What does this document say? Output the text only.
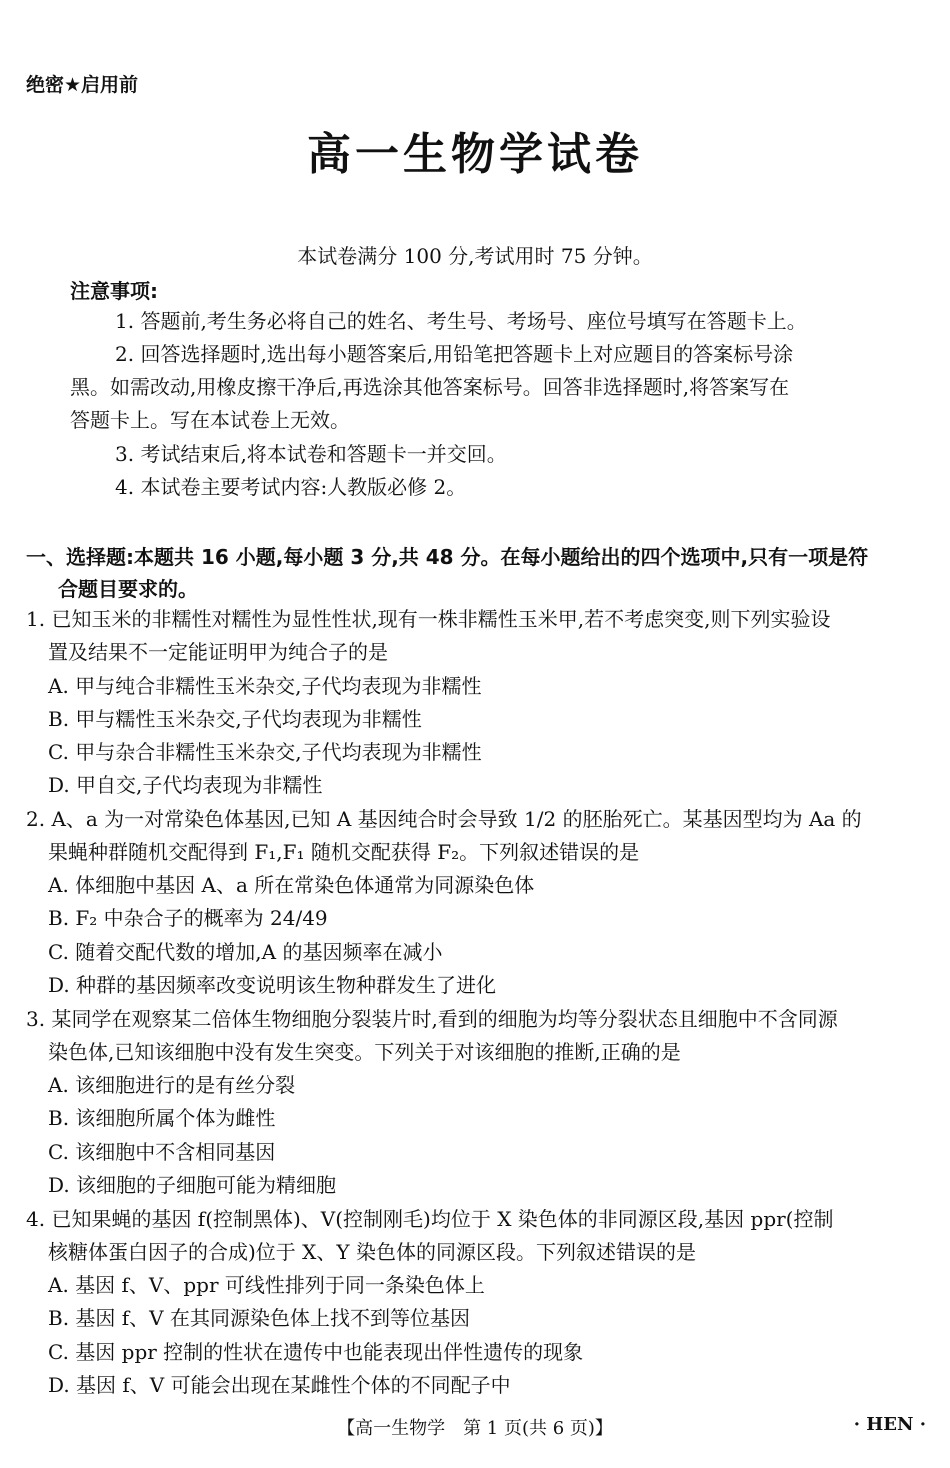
绝密★启用前
高一生物学试卷
本试卷满分 100 分,考试用时 75 分钟。
注意事项:
1. 答题前,考生务必将自己的姓名、考生号、考场号、座位号填写在答题卡上。
2. 回答选择题时,选出每小题答案后,用铅笔把答题卡上对应题目的答案标号涂
黑。如需改动,用橡皮擦干净后,再选涂其他答案标号。回答非选择题时,将答案写在
答题卡上。写在本试卷上无效。
3. 考试结束后,将本试卷和答题卡一并交回。
4. 本试卷主要考试内容:人教版必修 2。
一、选择题:本题共 16 小题,每小题 3 分,共 48 分。在每小题给出的四个选项中,只有一项是符
合题目要求的。
1. 已知玉米的非糯性对糯性为显性性状,现有一株非糯性玉米甲,若不考虑突变,则下列实验设
置及结果不一定能证明甲为纯合子的是
A. 甲与纯合非糯性玉米杂交,子代均表现为非糯性
B. 甲与糯性玉米杂交,子代均表现为非糯性
C. 甲与杂合非糯性玉米杂交,子代均表现为非糯性
D. 甲自交,子代均表现为非糯性
2. A、a 为一对常染色体基因,已知 A 基因纯合时会导致 1/2 的胚胎死亡。某基因型均为 Aa 的
果蝇种群随机交配得到 F₁,F₁ 随机交配获得 F₂。下列叙述错误的是
A. 体细胞中基因 A、a 所在常染色体通常为同源染色体
B. F₂ 中杂合子的概率为 24/49
C. 随着交配代数的增加,A 的基因频率在减小
D. 种群的基因频率改变说明该生物种群发生了进化
3. 某同学在观察某二倍体生物细胞分裂装片时,看到的细胞为均等分裂状态且细胞中不含同源
染色体,已知该细胞中没有发生突变。下列关于对该细胞的推断,正确的是
A. 该细胞进行的是有丝分裂
B. 该细胞所属个体为雌性
C. 该细胞中不含相同基因
D. 该细胞的子细胞可能为精细胞
4. 已知果蝇的基因 f(控制黑体)、V(控制刚毛)均位于 X 染色体的非同源区段,基因 ppr(控制
核糖体蛋白因子的合成)位于 X、Y 染色体的同源区段。下列叙述错误的是
A. 基因 f、V、ppr 可线性排列于同一条染色体上
B. 基因 f、V 在其同源染色体上找不到等位基因
C. 基因 ppr 控制的性状在遗传中也能表现出伴性遗传的现象
D. 基因 f、V 可能会出现在某雌性个体的不同配子中
【高一生物学　第 1 页(共 6 页)】	· HEN ·
